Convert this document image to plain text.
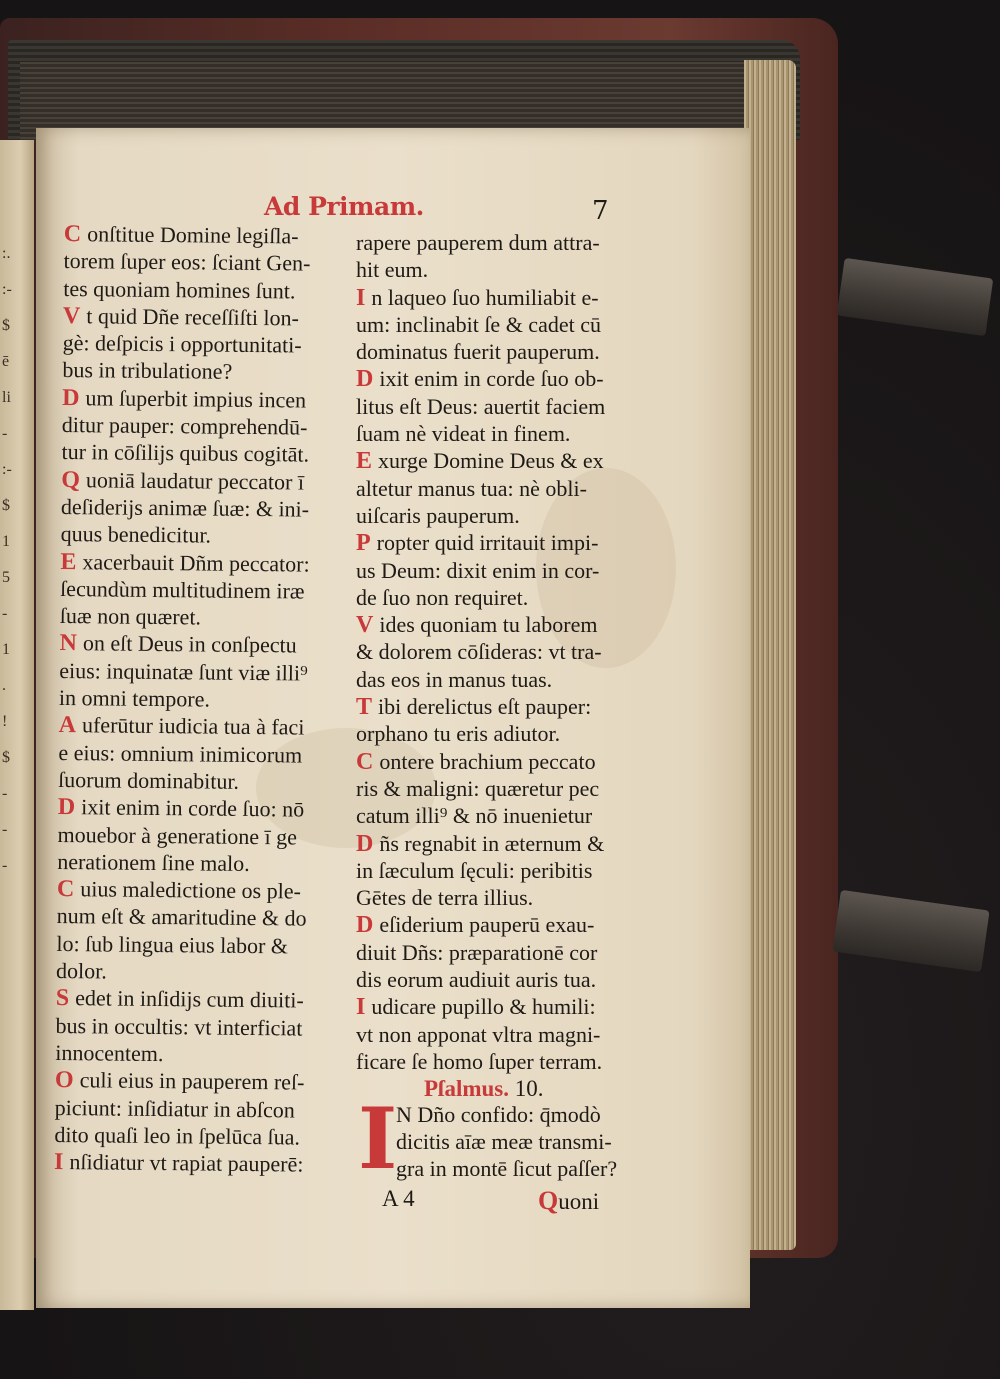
:.
:-
$
ē
li
-
:-
$
1
5
-
1
.
!
$
-
-
-
Ad Primam.	7
C onſtitue Domine legiſla-
torem ſuper eos: ſciant Gen-
tes quoniam homines ſunt.
V t quid Dñe receſſiſti lon-
gè: deſpicis i opportunitati-
bus in tribulatione?
D um ſuperbit impius incen
ditur pauper: comprehendū-
tur in cōſilijs quibus cogitāt.
Q uoniā laudatur peccator ī
deſiderijs animæ ſuæ: & ini-
quus benedicitur.
E xacerbauit Dñm peccator:
ſecundùm multitudinem iræ
ſuæ non quæret.
N on eſt Deus in conſpectu
eius: inquinatæ ſunt viæ illi⁹
in omni tempore.
A uferūtur iudicia tua à faci
e eius: omnium inimicorum
ſuorum dominabitur.
D ixit enim in corde ſuo: nō
mouebor à generatione ī ge
nerationem ſine malo.
C uius maledictione os ple-
num eſt & amaritudine & do
lo: ſub lingua eius labor &
dolor.
S edet in inſidijs cum diuiti-
bus in occultis: vt interficiat
innocentem.
O culi eius in pauperem reſ-
piciunt: inſidiatur in abſcon
dito quaſi leo in ſpelūca ſua.
I nſidiatur vt rapiat pauperē:
rapere pauperem dum attra-
hit eum.
I n laqueo ſuo humiliabit e-
um: inclinabit ſe & cadet cū
dominatus fuerit pauperum.
D ixit enim in corde ſuo ob-
litus eſt Deus: auertit faciem
ſuam nè videat in finem.
E xurge Domine Deus & ex
altetur manus tua: nè obli-
uiſcaris pauperum.
P ropter quid irritauit impi-
us Deum: dixit enim in cor-
de ſuo non requiret.
V ides quoniam tu laborem
& dolorem cōſideras: vt tra-
das eos in manus tuas.
T ibi derelictus eſt pauper:
orphano tu eris adiutor.
C ontere brachium peccato
ris & maligni: quæretur pec
catum illi⁹ & nō inuenietur
D ñs regnabit in æternum &
in ſæculum ſęculi: peribitis
Gētes de terra illius.
D eſiderium pauperū exau-
diuit Dñs: præparationē cor
dis eorum audiuit auris tua.
I udicare pupillo & humili:
vt non apponat vltra magni-
ficare ſe homo ſuper terram.
Pſalmus. 10.
I
N Dño confido: q̄modò
dicitis aīæ meæ transmi-
gra in montē ſicut paſſer?
A 4	Quoni
